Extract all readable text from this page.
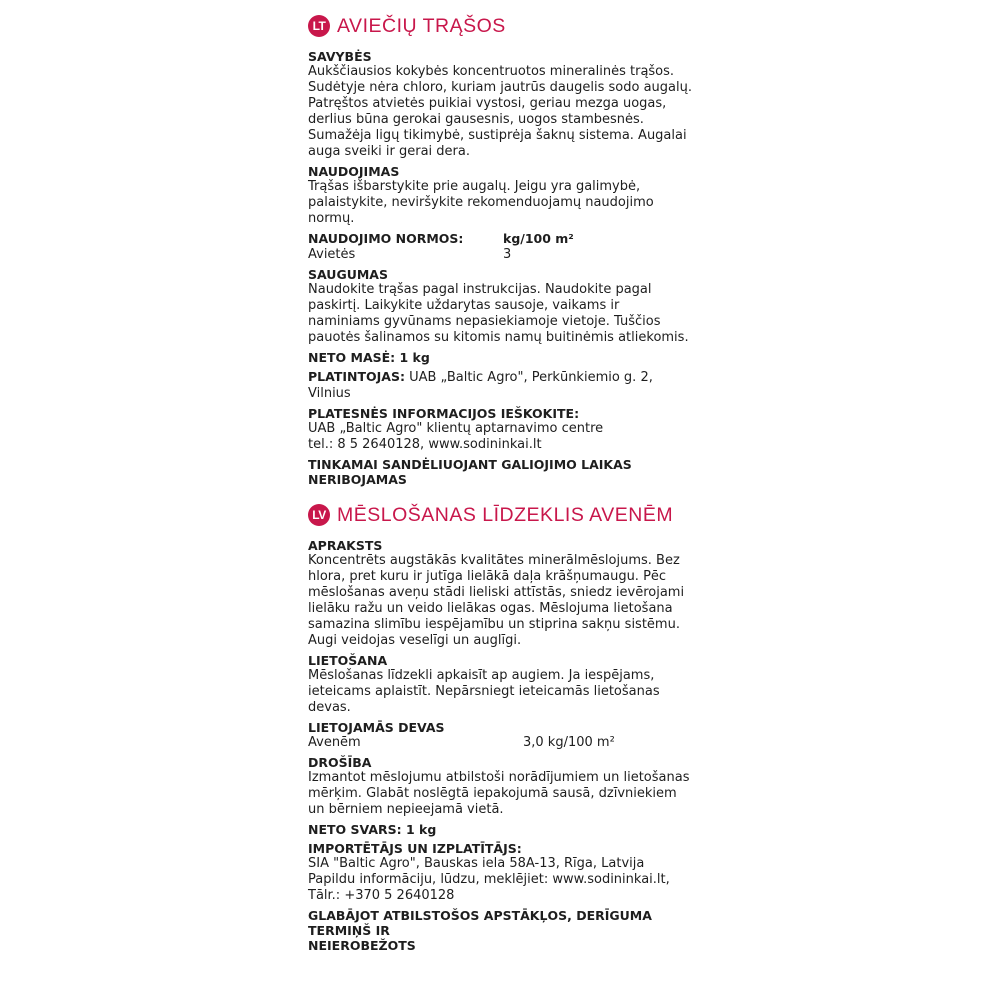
LT AVIEČIŲ TRĄŠOS
SAVYBĖS
Aukščiausios kokybės koncentruotos mineralinės trąšos.
Sudėtyje nėra chloro, kuriam jautrūs daugelis sodo augalų.
Patręštos atvietės puikiai vystosi, geriau mezga uogas,
derlius būna gerokai gausesnis, uogos stambesnės.
Sumažėja ligų tikimybė, sustiprėja šaknų sistema. Augalai
auga sveiki ir gerai dera.
NAUDOJIMAS
Trąšas išbarstykite prie augalų. Jeigu yra galimybė,
palaistykite, neviršykite rekomenduojamų naudojimo
normų.
NAUDOJIMO NORMOS:	kg/100 m²
Avietės	3
SAUGUMAS
Naudokite trąšas pagal instrukcijas. Naudokite pagal
paskirtį. Laikykite uždarytas sausoje, vaikams ir
naminiams gyvūnams nepasiekiamoje vietoje. Tuščios
pauotės šalinamos su kitomis namų buitinėmis atliekomis.
NETO MASĖ: 1 kg
PLATINTOJAS: UAB „Baltic Agro", Perkūnkiemio g. 2,
Vilnius
PLATESNĖS INFORMACIJOS IEŠKOKITE:
UAB „Baltic Agro" klientų aptarnavimo centre
tel.: 8 5 2640128, www.sodininkai.lt
TINKAMAI SANDĖLIUOJANT GALIOJIMO LAIKAS
NERIBOJAMAS
LV MĒSLOŠANAS LĪDZEKLIS AVENĒM
APRAKSTS
Koncentrēts augstākās kvalitātes minerālmēslojums. Bez
hlora, pret kuru ir jutīga lielākā daļa krāšņumaugu. Pēc
mēslošanas aveņu stādi lieliski attīstās, sniedz ievērojami
lielāku ražu un veido lielākas ogas. Mēslojuma lietošana
samazina slimību iespējamību un stiprina sakņu sistēmu.
Augi veidojas veselīgi un auglīgi.
LIETOŠANA
Mēslošanas līdzekli apkaisīt ap augiem. Ja iespējams,
ieteicams aplaistīt. Nepārsniegt ieteicamās lietošanas
devas.
LIETOJAMĀS DEVAS
Avenēm	3,0 kg/100 m²
DROŠĪBA
Izmantot mēslojumu atbilstoši norādījumiem un lietošanas
mērķim. Glabāt noslēgtā iepakojumā sausā, dzīvniekiem
un bērniem nepieejamā vietā.
NETO SVARS: 1 kg
IMPORTĒTĀJS UN IZPLATĪTĀJS:
SIA "Baltic Agro", Bauskas iela 58A-13, Rīga, Latvija
Papildu informāciju, lūdzu, meklējiet: www.sodininkai.lt,
Tālr.: +370 5 2640128
GLABĀJOT ATBILSTOŠOS APSTĀKĻOS, DERĪGUMA TERMIŅŠ IR
NEIEROBEŽOTS
